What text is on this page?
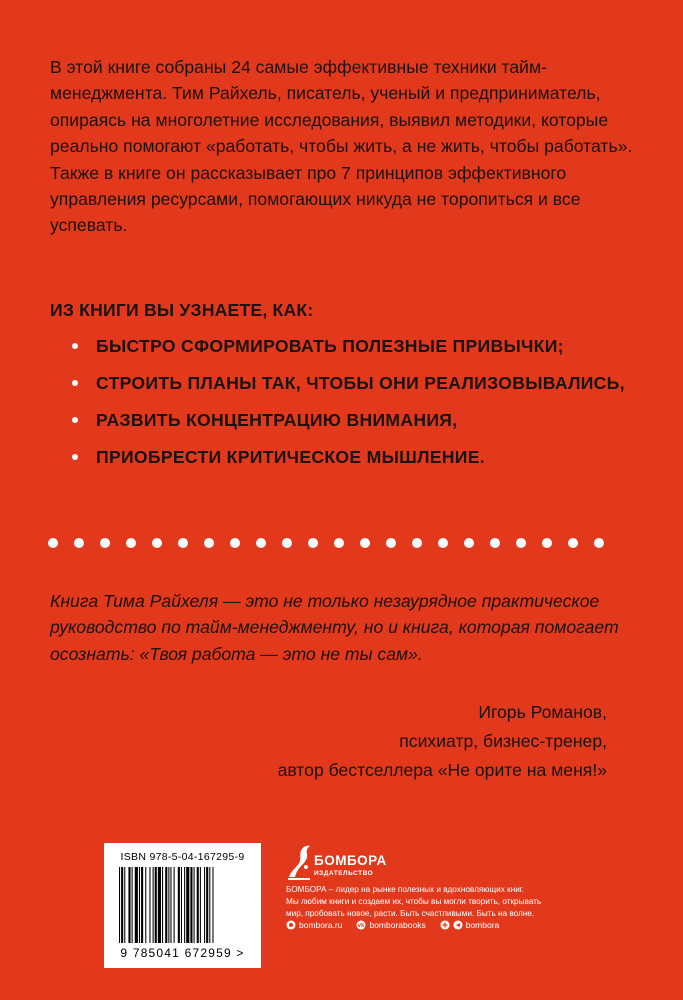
В этой книге собраны 24 самые эффективные техники тайм-менеджмента. Тим Райхель, писатель, ученый и предприниматель, опираясь на многолетние исследования, выявил методики, которые реально помогают «работать, чтобы жить, а не жить, чтобы работать». Также в книге он рассказывает про 7 принципов эффективного управления ресурсами, помогающих никуда не торопиться и все успевать.
ИЗ КНИГИ ВЫ УЗНАЕТЕ, КАК:
БЫСТРО СФОРМИРОВАТЬ ПОЛЕЗНЫЕ ПРИВЫЧКИ;
СТРОИТЬ ПЛАНЫ ТАК, ЧТОБЫ ОНИ РЕАЛИЗОВЫВАЛИСЬ,
РАЗВИТЬ КОНЦЕНТРАЦИЮ ВНИМАНИЯ,
ПРИОБРЕСТИ КРИТИЧЕСКОЕ МЫШЛЕНИЕ.
Книга Тима Райхеля — это не только незаурядное практическое руководство по тайм-менеджменту, но и книга, которая помогает осознать: «Твоя работа — это не ты сам».
Игорь Романов,
психиатр, бизнес-тренер,
автор бестселлера «Не орите на меня!»
ISBN 978-5-04-167295-9
9 785041 672959 >
БОМБОРА
ИЗДАТЕЛЬСТВО
БОМБОРА – лидер на рынке полезных и вдохновляющих книг.
Мы любим книги и создаем их, чтобы вы могли творить, открывать
мир, пробовать новое, расти. Быть счастливыми. Быть на волне.
bombora.ru	vk bomborabooks	bombora
